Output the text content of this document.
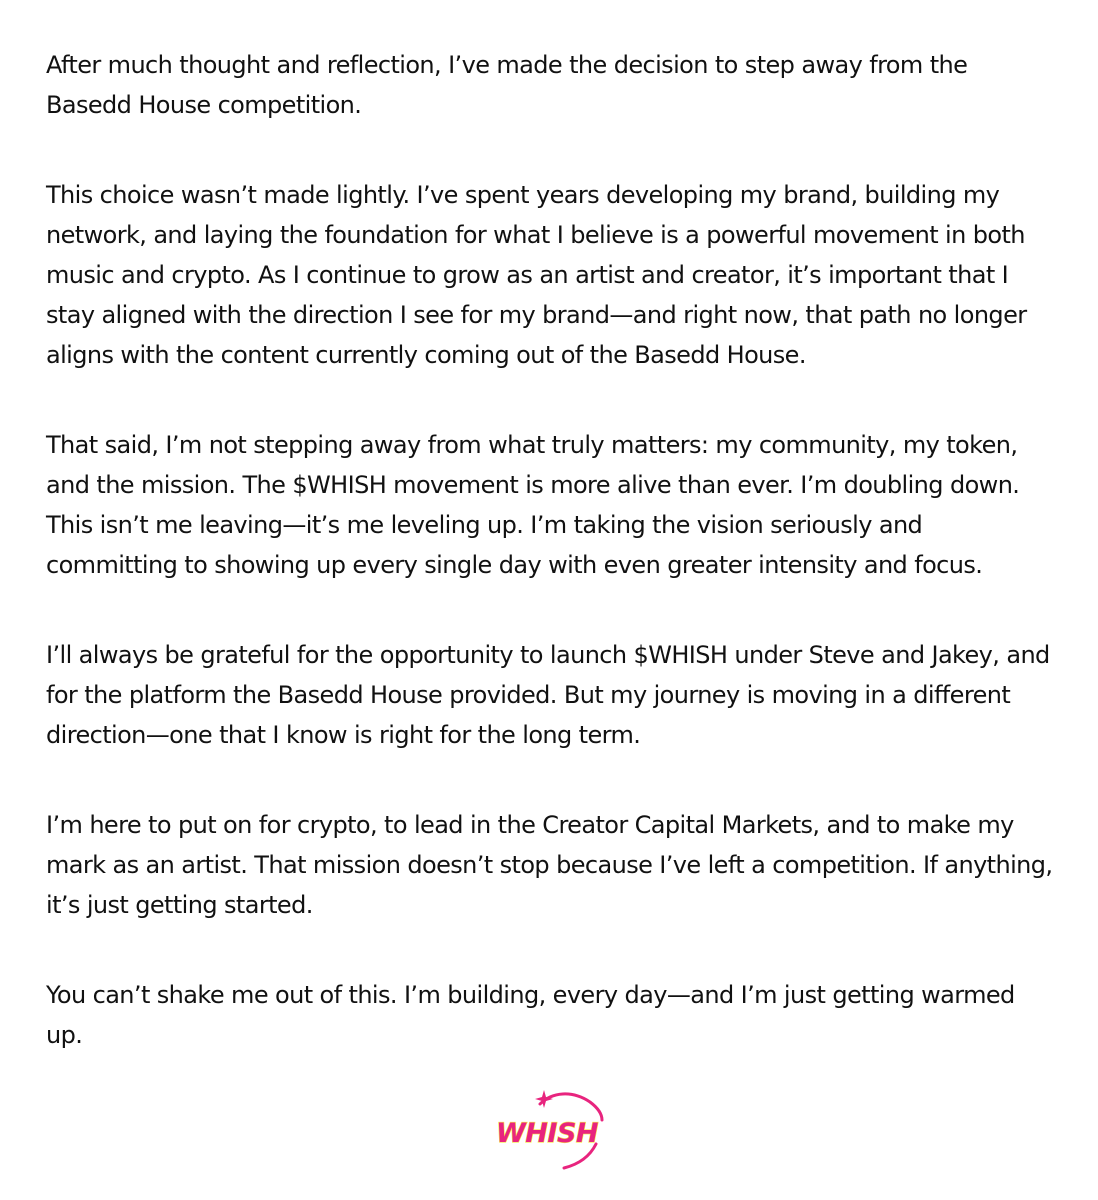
After much thought and reflection, I’ve made the decision to step away from the Basedd House competition.

This choice wasn’t made lightly. I’ve spent years developing my brand, building my network, and laying the foundation for what I believe is a powerful movement in both music and crypto. As I continue to grow as an artist and creator, it’s important that I stay aligned with the direction I see for my brand—and right now, that path no longer aligns with the content currently coming out of the Basedd House.

That said, I’m not stepping away from what truly matters: my community, my token, and the mission. The $WHISH movement is more alive than ever. I’m doubling down. This isn’t me leaving—it’s me leveling up. I’m taking the vision seriously and committing to showing up every single day with even greater intensity and focus.

I’ll always be grateful for the opportunity to launch $WHISH under Steve and Jakey, and for the platform the Basedd House provided. But my journey is moving in a different direction—one that I know is right for the long term.

I’m here to put on for crypto, to lead in the Creator Capital Markets, and to make my mark as an artist. That mission doesn’t stop because I’ve left a competition. If anything, it’s just getting started.

You can’t shake me out of this. I’m building, every day—and I’m just getting warmed up.

WHISH
